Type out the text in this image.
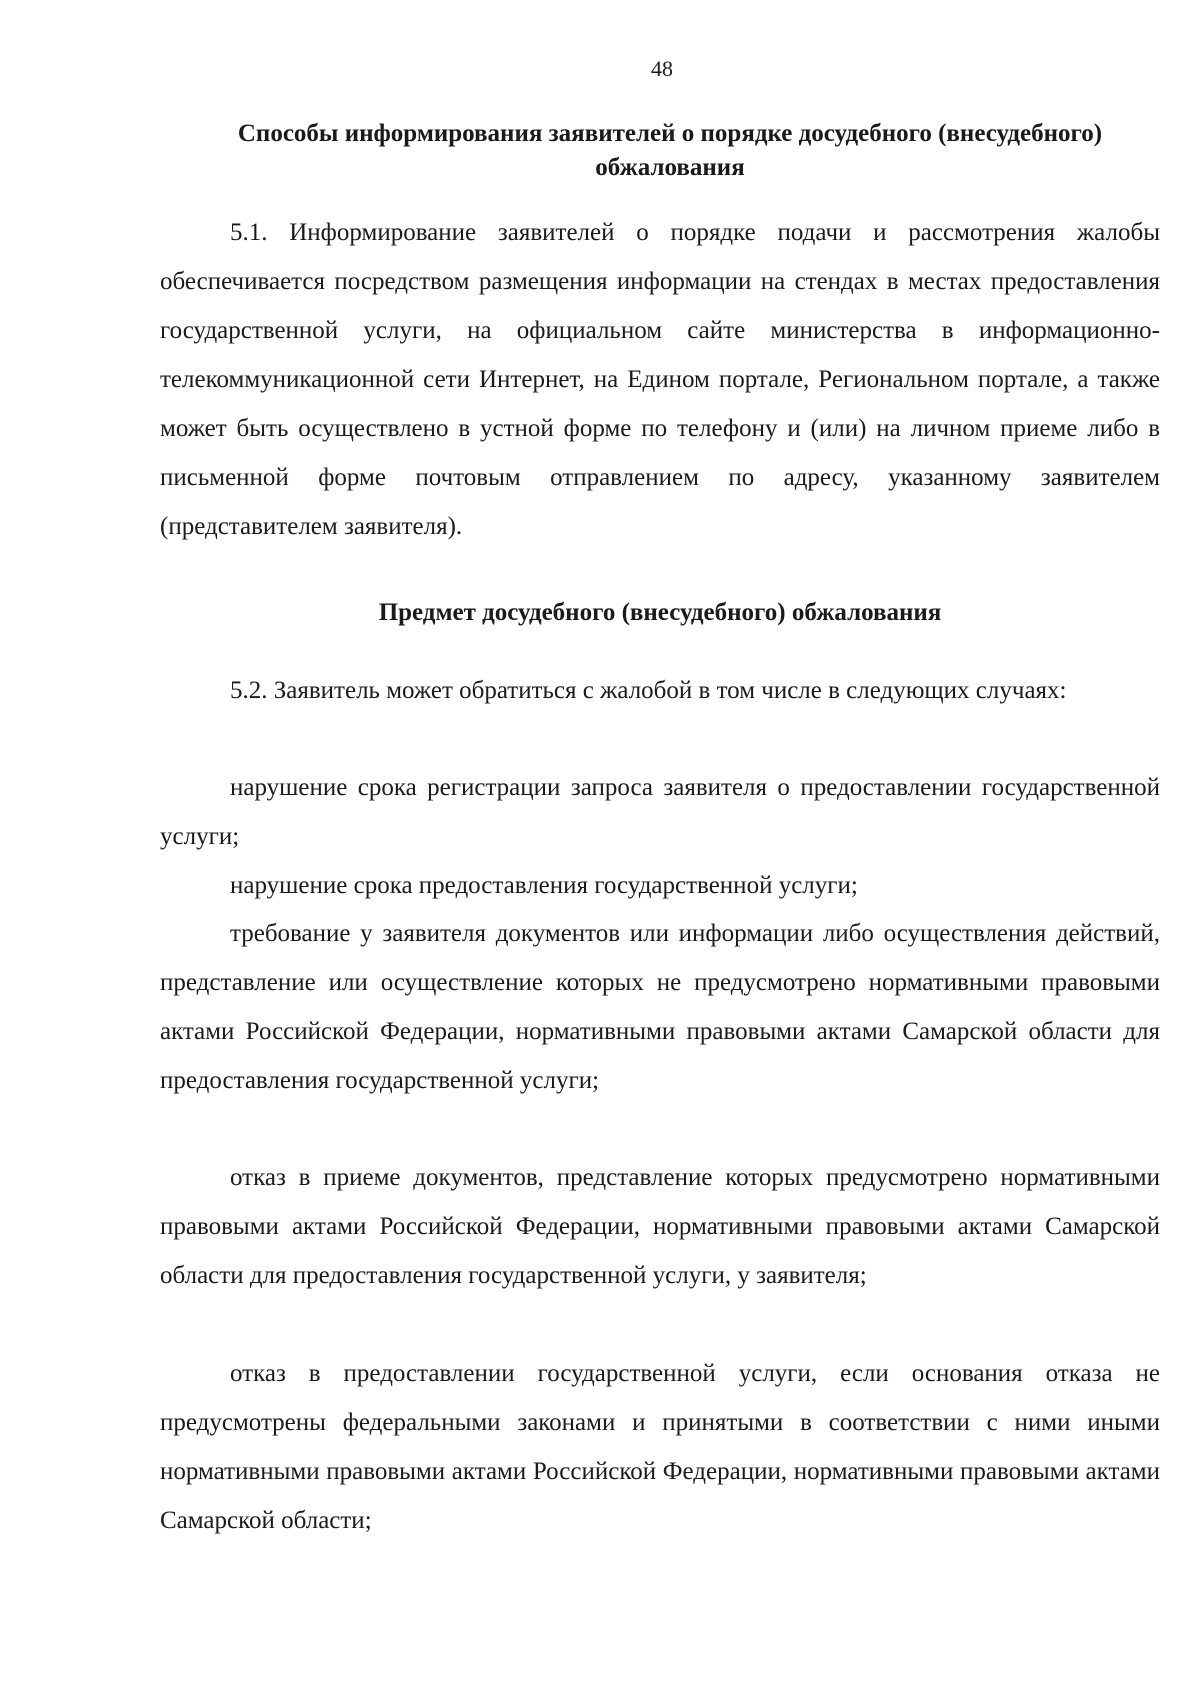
48
Способы информирования заявителей о порядке досудебного (внесудебного) обжалования

5.1. Информирование заявителей о порядке подачи и рассмотрения жалобы обеспечивается посредством размещения информации на стендах в местах предоставления государственной услуги, на официальном сайте министерства в информационно-телекоммуникационной сети Интернет, на Едином портале, Региональном портале, а также может быть осуществлено в устной форме по телефону и (или) на личном приеме либо в письменной форме почтовым отправлением по адресу, указанному заявителем (представителем заявителя).

Предмет досудебного (внесудебного) обжалования

5.2. Заявитель может обратиться с жалобой в том числе в следующих случаях:

нарушение срока регистрации запроса заявителя о предоставлении государственной услуги;

нарушение срока предоставления государственной услуги;

требование у заявителя документов или информации либо осуществления действий, представление или осуществление которых не предусмотрено нормативными правовыми актами Российской Федерации, нормативными правовыми актами Самарской области для предоставления государственной услуги;

отказ в приеме документов, представление которых предусмотрено нормативными правовыми актами Российской Федерации, нормативными правовыми актами Самарской области для предоставления государственной услуги, у заявителя;

отказ в предоставлении государственной услуги, если основания отказа не предусмотрены федеральными законами и принятыми в соответствии с ними иными нормативными правовыми актами Российской Федерации, нормативными правовыми актами Самарской области;
